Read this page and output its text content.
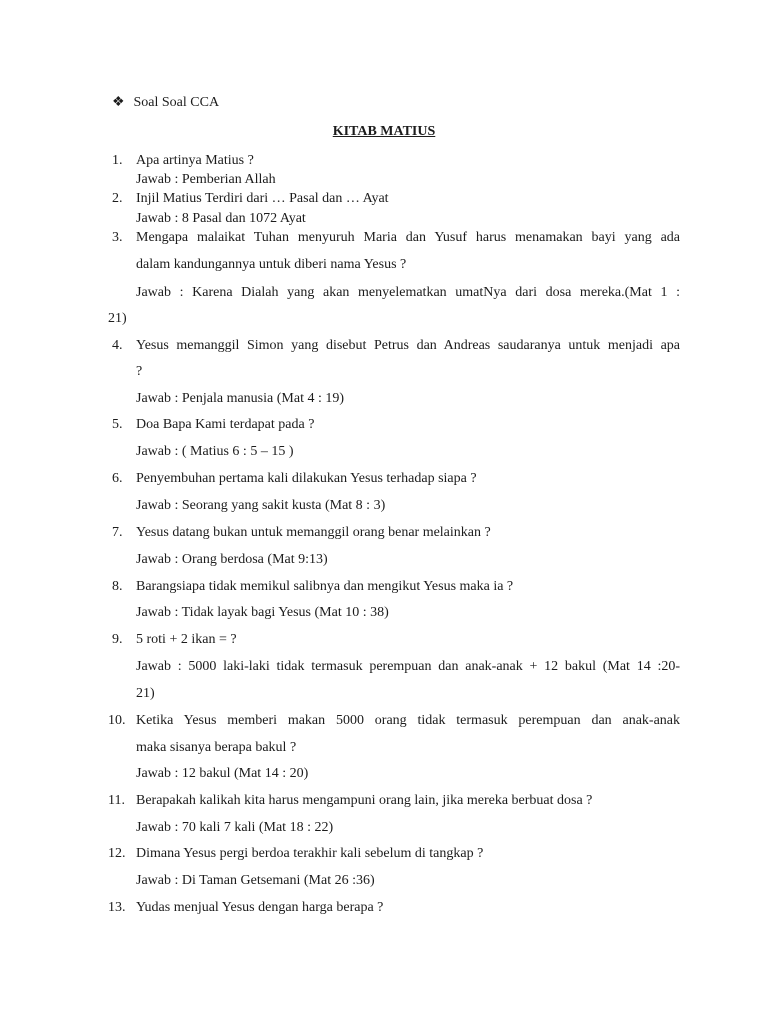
❖ Soal Soal CCA
KITAB MATIUS
1. Apa artinya Matius ?
Jawab : Pemberian Allah
2. Injil Matius Terdiri dari … Pasal dan … Ayat
Jawab : 8 Pasal dan 1072 Ayat
3. Mengapa malaikat Tuhan menyuruh Maria dan Yusuf harus menamakan bayi yang ada
dalam kandungannya untuk diberi nama Yesus ?
Jawab : Karena Dialah yang akan menyelematkan umatNya dari dosa mereka.(Mat 1 :
21)
4. Yesus memanggil Simon yang disebut Petrus dan Andreas saudaranya untuk menjadi apa
?
Jawab : Penjala manusia (Mat 4 : 19)
5. Doa Bapa Kami terdapat pada ?
Jawab : ( Matius 6 : 5 – 15 )
6. Penyembuhan pertama kali dilakukan Yesus terhadap siapa ?
Jawab : Seorang yang sakit kusta (Mat 8 : 3)
7. Yesus datang bukan untuk memanggil orang benar melainkan ?
Jawab : Orang berdosa (Mat 9:13)
8. Barangsiapa tidak memikul salibnya dan mengikut Yesus maka ia ?
Jawab : Tidak layak bagi Yesus (Mat 10 : 38)
9. 5 roti + 2 ikan = ?
Jawab : 5000 laki-laki tidak termasuk perempuan dan anak-anak + 12 bakul (Mat 14 :20-
21)
10. Ketika Yesus memberi makan 5000 orang tidak termasuk perempuan dan anak-anak
maka sisanya berapa bakul ?
Jawab : 12 bakul (Mat 14 : 20)
11. Berapakah kalikah kita harus mengampuni orang lain, jika mereka berbuat dosa ?
Jawab : 70 kali 7 kali (Mat 18 : 22)
12. Dimana Yesus pergi berdoa terakhir kali sebelum di tangkap ?
Jawab : Di Taman Getsemani (Mat 26 :36)
13. Yudas menjual Yesus dengan harga berapa ?
